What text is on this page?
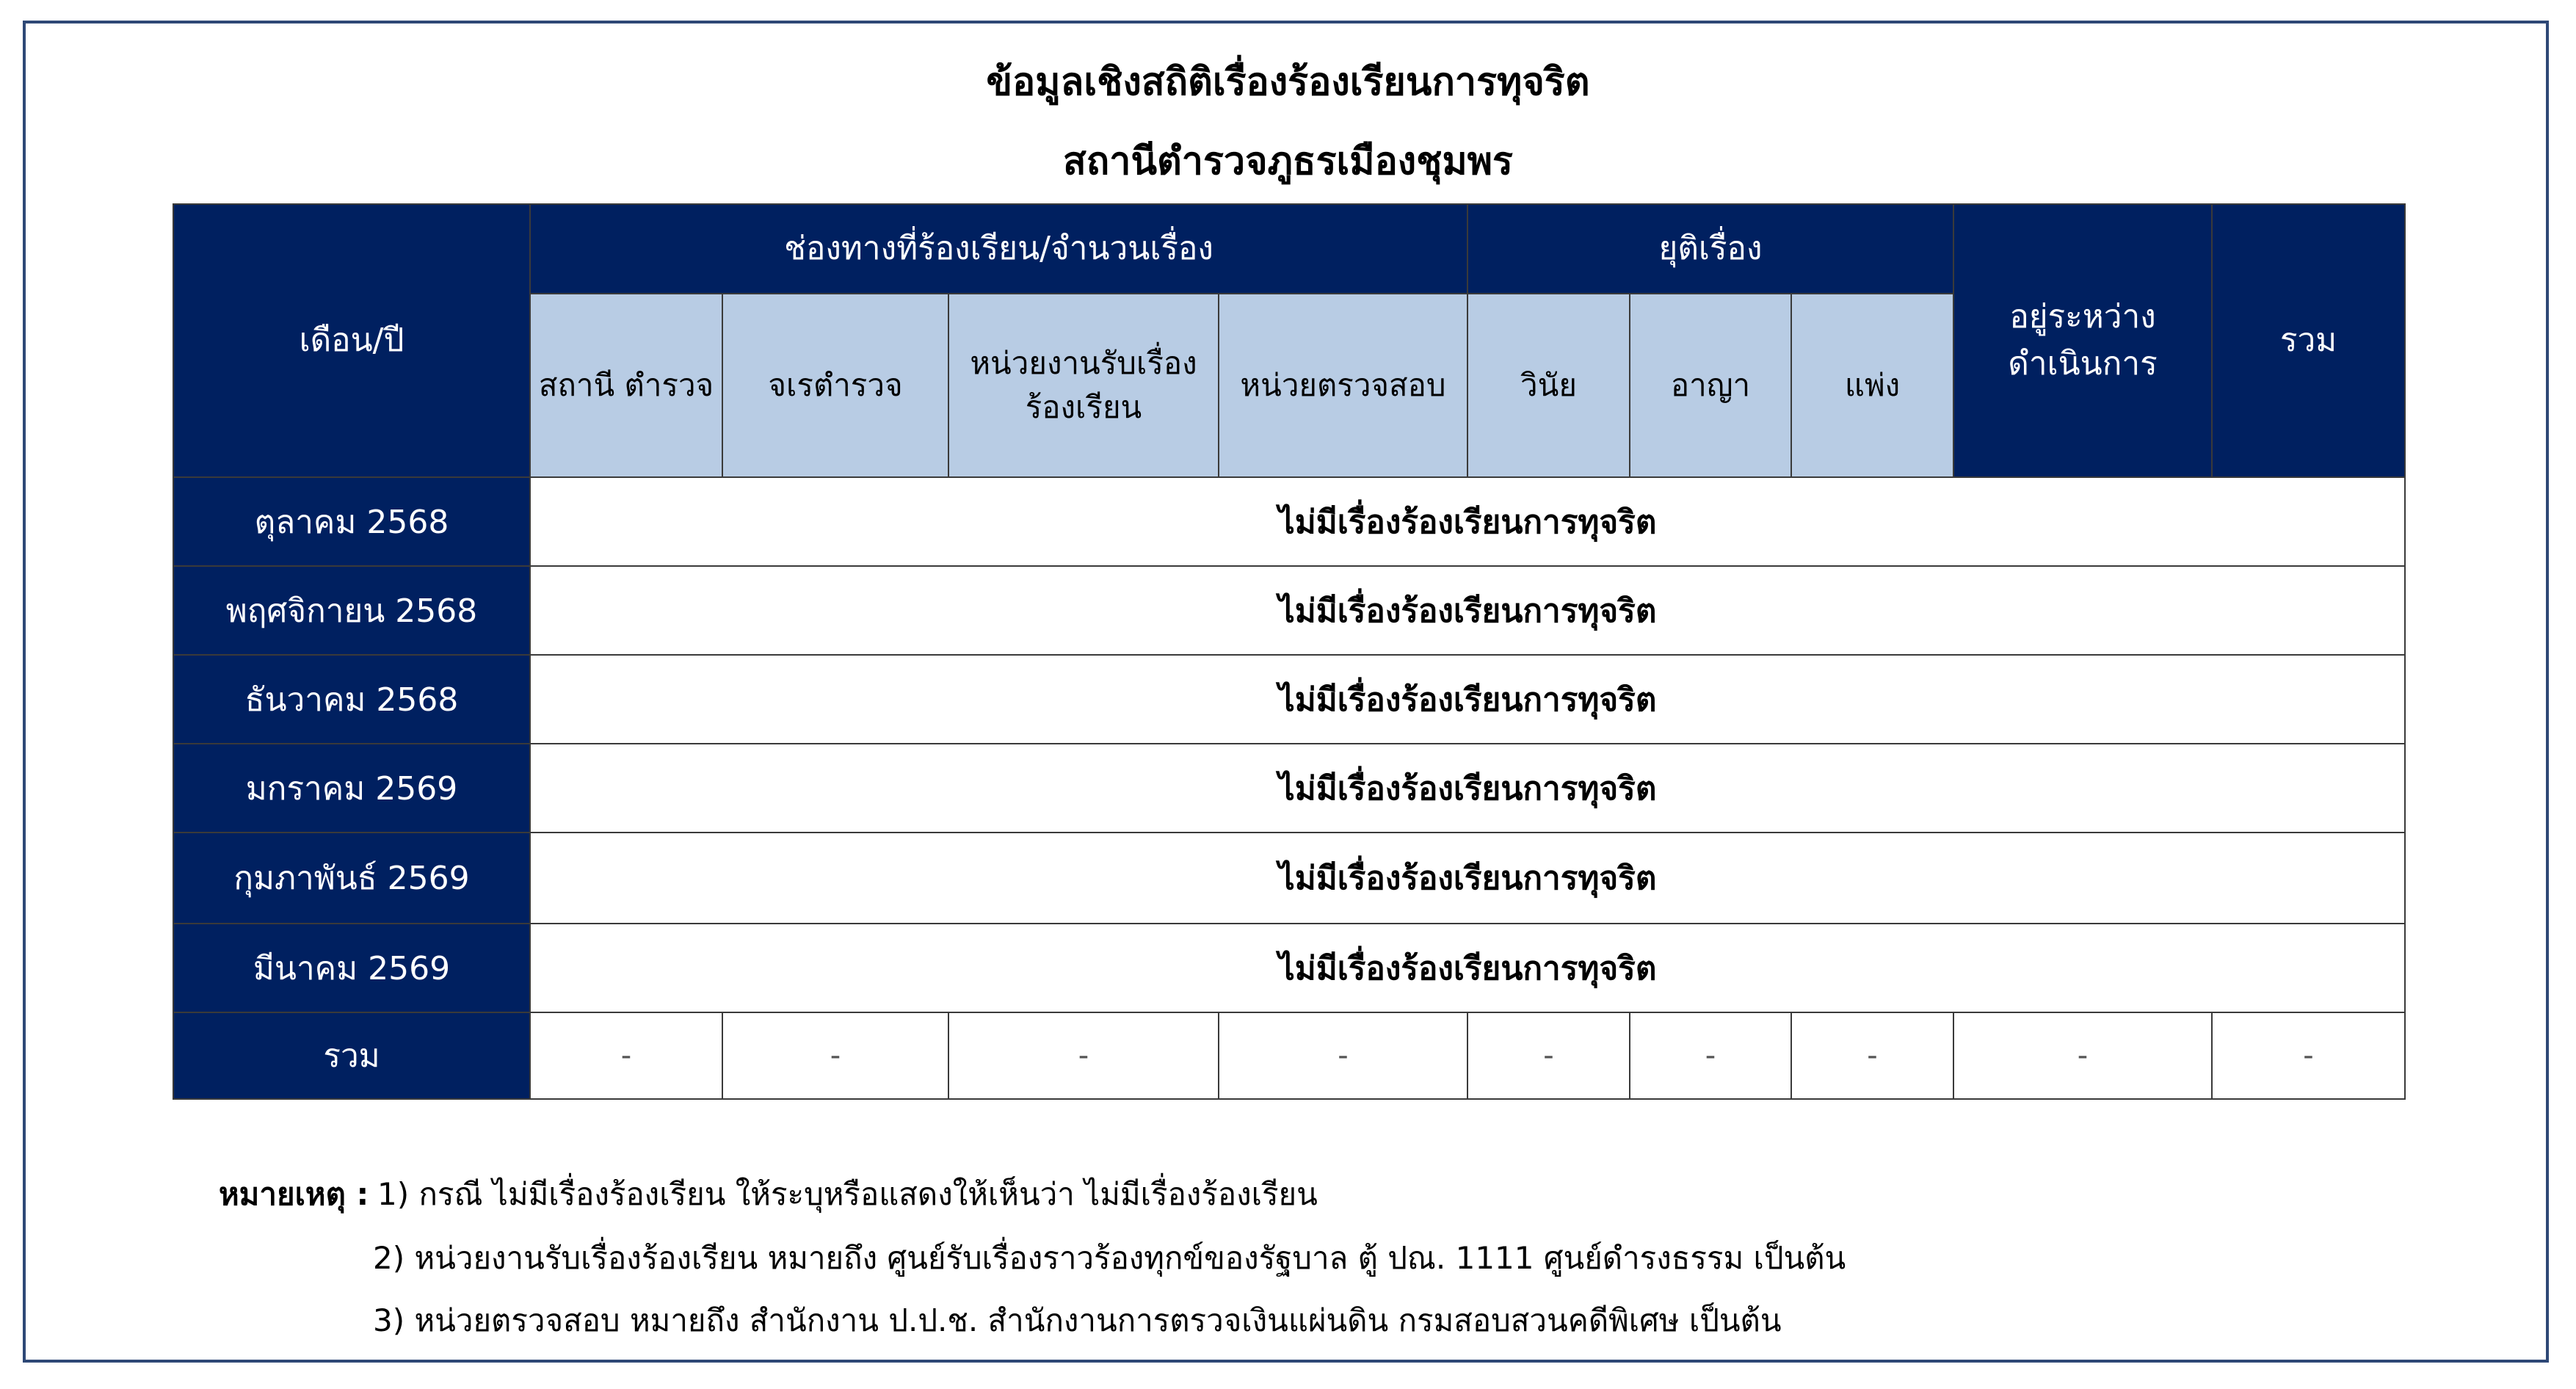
ข้อมูลเชิงสถิติเรื่องร้องเรียนการทุจริต
สถานีตำรวจภูธรเมืองชุมพร
เดือน/ปี	ช่องทางที่ร้องเรียน/จำนวนเรื่อง				ยุติเรื่อง			อยู่ระหว่าง ดำเนินการ	รวม
	สถานี ตำรวจ	จเรตำรวจ	หน่วยงานรับเรื่อง ร้องเรียน	หน่วยตรวจสอบ	วินัย	อาญา	แพ่ง		
ตุลาคม 2568	ไม่มีเรื่องร้องเรียนการทุจริต								
พฤศจิกายน 2568	ไม่มีเรื่องร้องเรียนการทุจริต								
ธันวาคม 2568	ไม่มีเรื่องร้องเรียนการทุจริต								
มกราคม 2569	ไม่มีเรื่องร้องเรียนการทุจริต								
กุมภาพันธ์ 2569	ไม่มีเรื่องร้องเรียนการทุจริต								
มีนาคม 2569	ไม่มีเรื่องร้องเรียนการทุจริต								
รวม	-	-	-	-	-	-	-	-	-
หมายเหตุ : 1) กรณี ไม่มีเรื่องร้องเรียน ให้ระบุหรือแสดงให้เห็นว่า ไม่มีเรื่องร้องเรียน
2) หน่วยงานรับเรื่องร้องเรียน หมายถึง ศูนย์รับเรื่องราวร้องทุกข์ของรัฐบาล ตู้ ปณ. 1111 ศูนย์ดำรงธรรม เป็นต้น
3) หน่วยตรวจสอบ หมายถึง สำนักงาน ป.ป.ช. สำนักงานการตรวจเงินแผ่นดิน กรมสอบสวนคดีพิเศษ เป็นต้น
